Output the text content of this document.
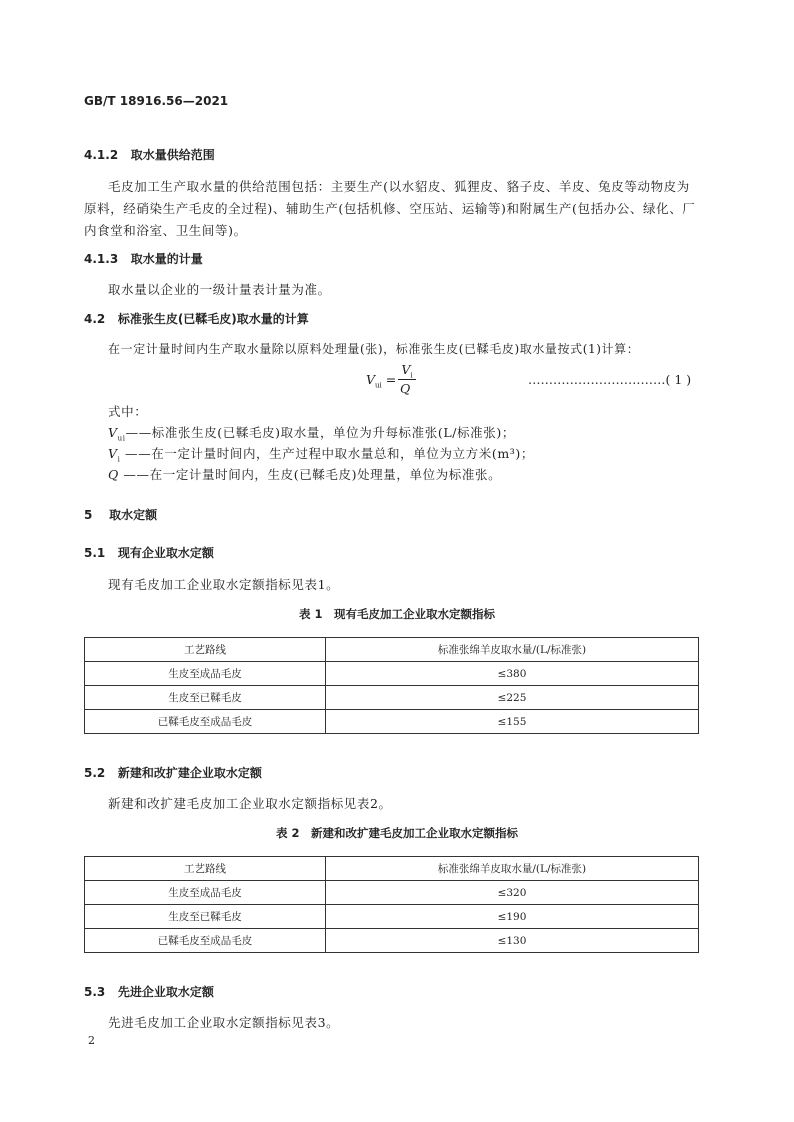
GB/T 18916.56—2021
4.1.2 取水量供给范围
毛皮加工生产取水量的供给范围包括：主要生产(以水貂皮、狐狸皮、貉子皮、羊皮、兔皮等动物皮为
原料，经硝染生产毛皮的全过程)、辅助生产(包括机修、空压站、运输等)和附属生产(包括办公、绿化、厂
内食堂和浴室、卫生间等)。
4.1.3 取水量的计量
取水量以企业的一级计量表计量为准。
4.2 标准张生皮(已鞣毛皮)取水量的计算
在一定计量时间内生产取水量除以原料处理量(张)，标准张生皮(已鞣毛皮)取水量按式(1)计算：
$V_{ui}$ =
$V_i$
Q
……………………………( 1 )
式中：
$V_{ui}——$标准张生皮(已鞣毛皮)取水量，单位为升每标准张(L/标准张)；
$V_i$ ——在一定计量时间内，生产过程中取水量总和，单位为立方米(m³)；
Q ——在一定计量时间内，生皮(已鞣毛皮)处理量，单位为标准张。
5 取水定额
5.1 现有企业取水定额
现有毛皮加工企业取水定额指标见表1。
表 1　现有毛皮加工企业取水定额指标
工艺路线	标准张绵羊皮取水量/(L/标准张)
生皮至成品毛皮	≤380
生皮至已鞣毛皮	≤225
已鞣毛皮至成品毛皮	≤155
5.2 新建和改扩建企业取水定额
新建和改扩建毛皮加工企业取水定额指标见表2。
表 2　新建和改扩建毛皮加工企业取水定额指标
工艺路线	标准张绵羊皮取水量/(L/标准张)
生皮至成品毛皮	≤320
生皮至已鞣毛皮	≤190
已鞣毛皮至成品毛皮	≤130
5.3 先进企业取水定额
先进毛皮加工企业取水定额指标见表3。
2
